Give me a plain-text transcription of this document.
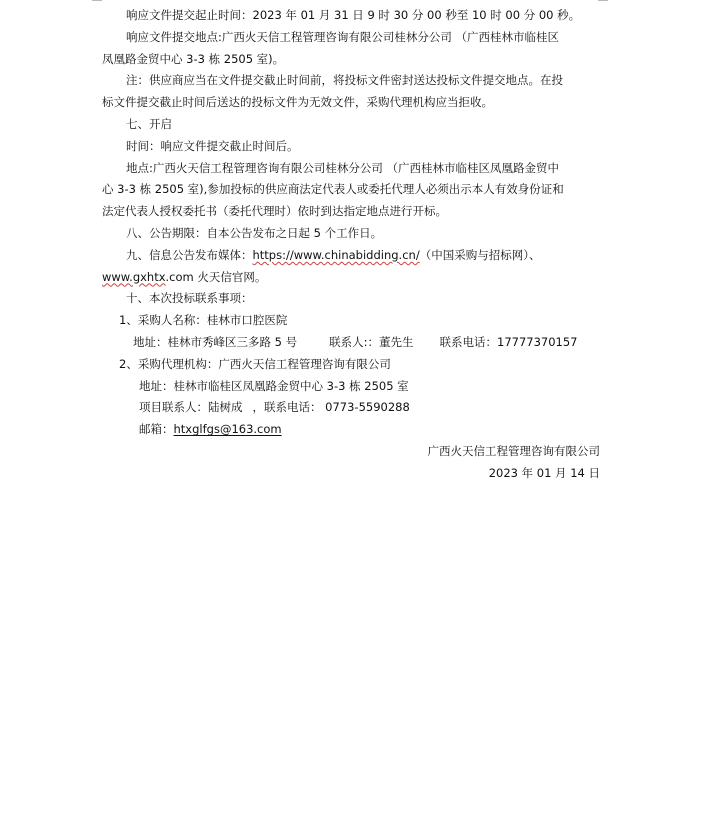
响应文件提交起止时间：2023 年 01 月 31 日 9 时 30 分 00 秒至 10 时 00 分 00 秒。
响应文件提交地点:广西火天信工程管理咨询有限公司桂林分公司 （广西桂林市临桂区
凤凰路金贸中心 3-3 栋 2505 室)。
注：供应商应当在文件提交截止时间前，将投标文件密封送达投标文件提交地点。在投
标文件提交截止时间后送达的投标文件为无效文件，采购代理机构应当拒收。
七、开启
时间：响应文件提交截止时间后。
地点:广西火天信工程管理咨询有限公司桂林分公司 （广西桂林市临桂区凤凰路金贸中
心 3-3 栋 2505 室),参加投标的供应商法定代表人或委托代理人必须出示本人有效身份证和
法定代表人授权委托书（委托代理时）依时到达指定地点进行开标。
八、公告期限：自本公告发布之日起 5 个工作日。
九、信息公告发布媒体：https://www.chinabidding.cn/（中国采购与招标网）、
www.gxhtx.com 火天信官网。
十、本次投标联系事项：
1、采购人名称：桂林市口腔医院
地址：桂林市秀峰区三多路 5 号	联系人:：董先生 联系电话：17777370157
2、采购代理机构：广西火天信工程管理咨询有限公司
地址：桂林市临桂区凤凰路金贸中心 3-3 栋 2505 室
项目联系人：陆树成 ，联系电话： 0773-5590288
邮箱：htxglfgs@163.com
广西火天信工程管理咨询有限公司
2023 年 01 月 14 日
